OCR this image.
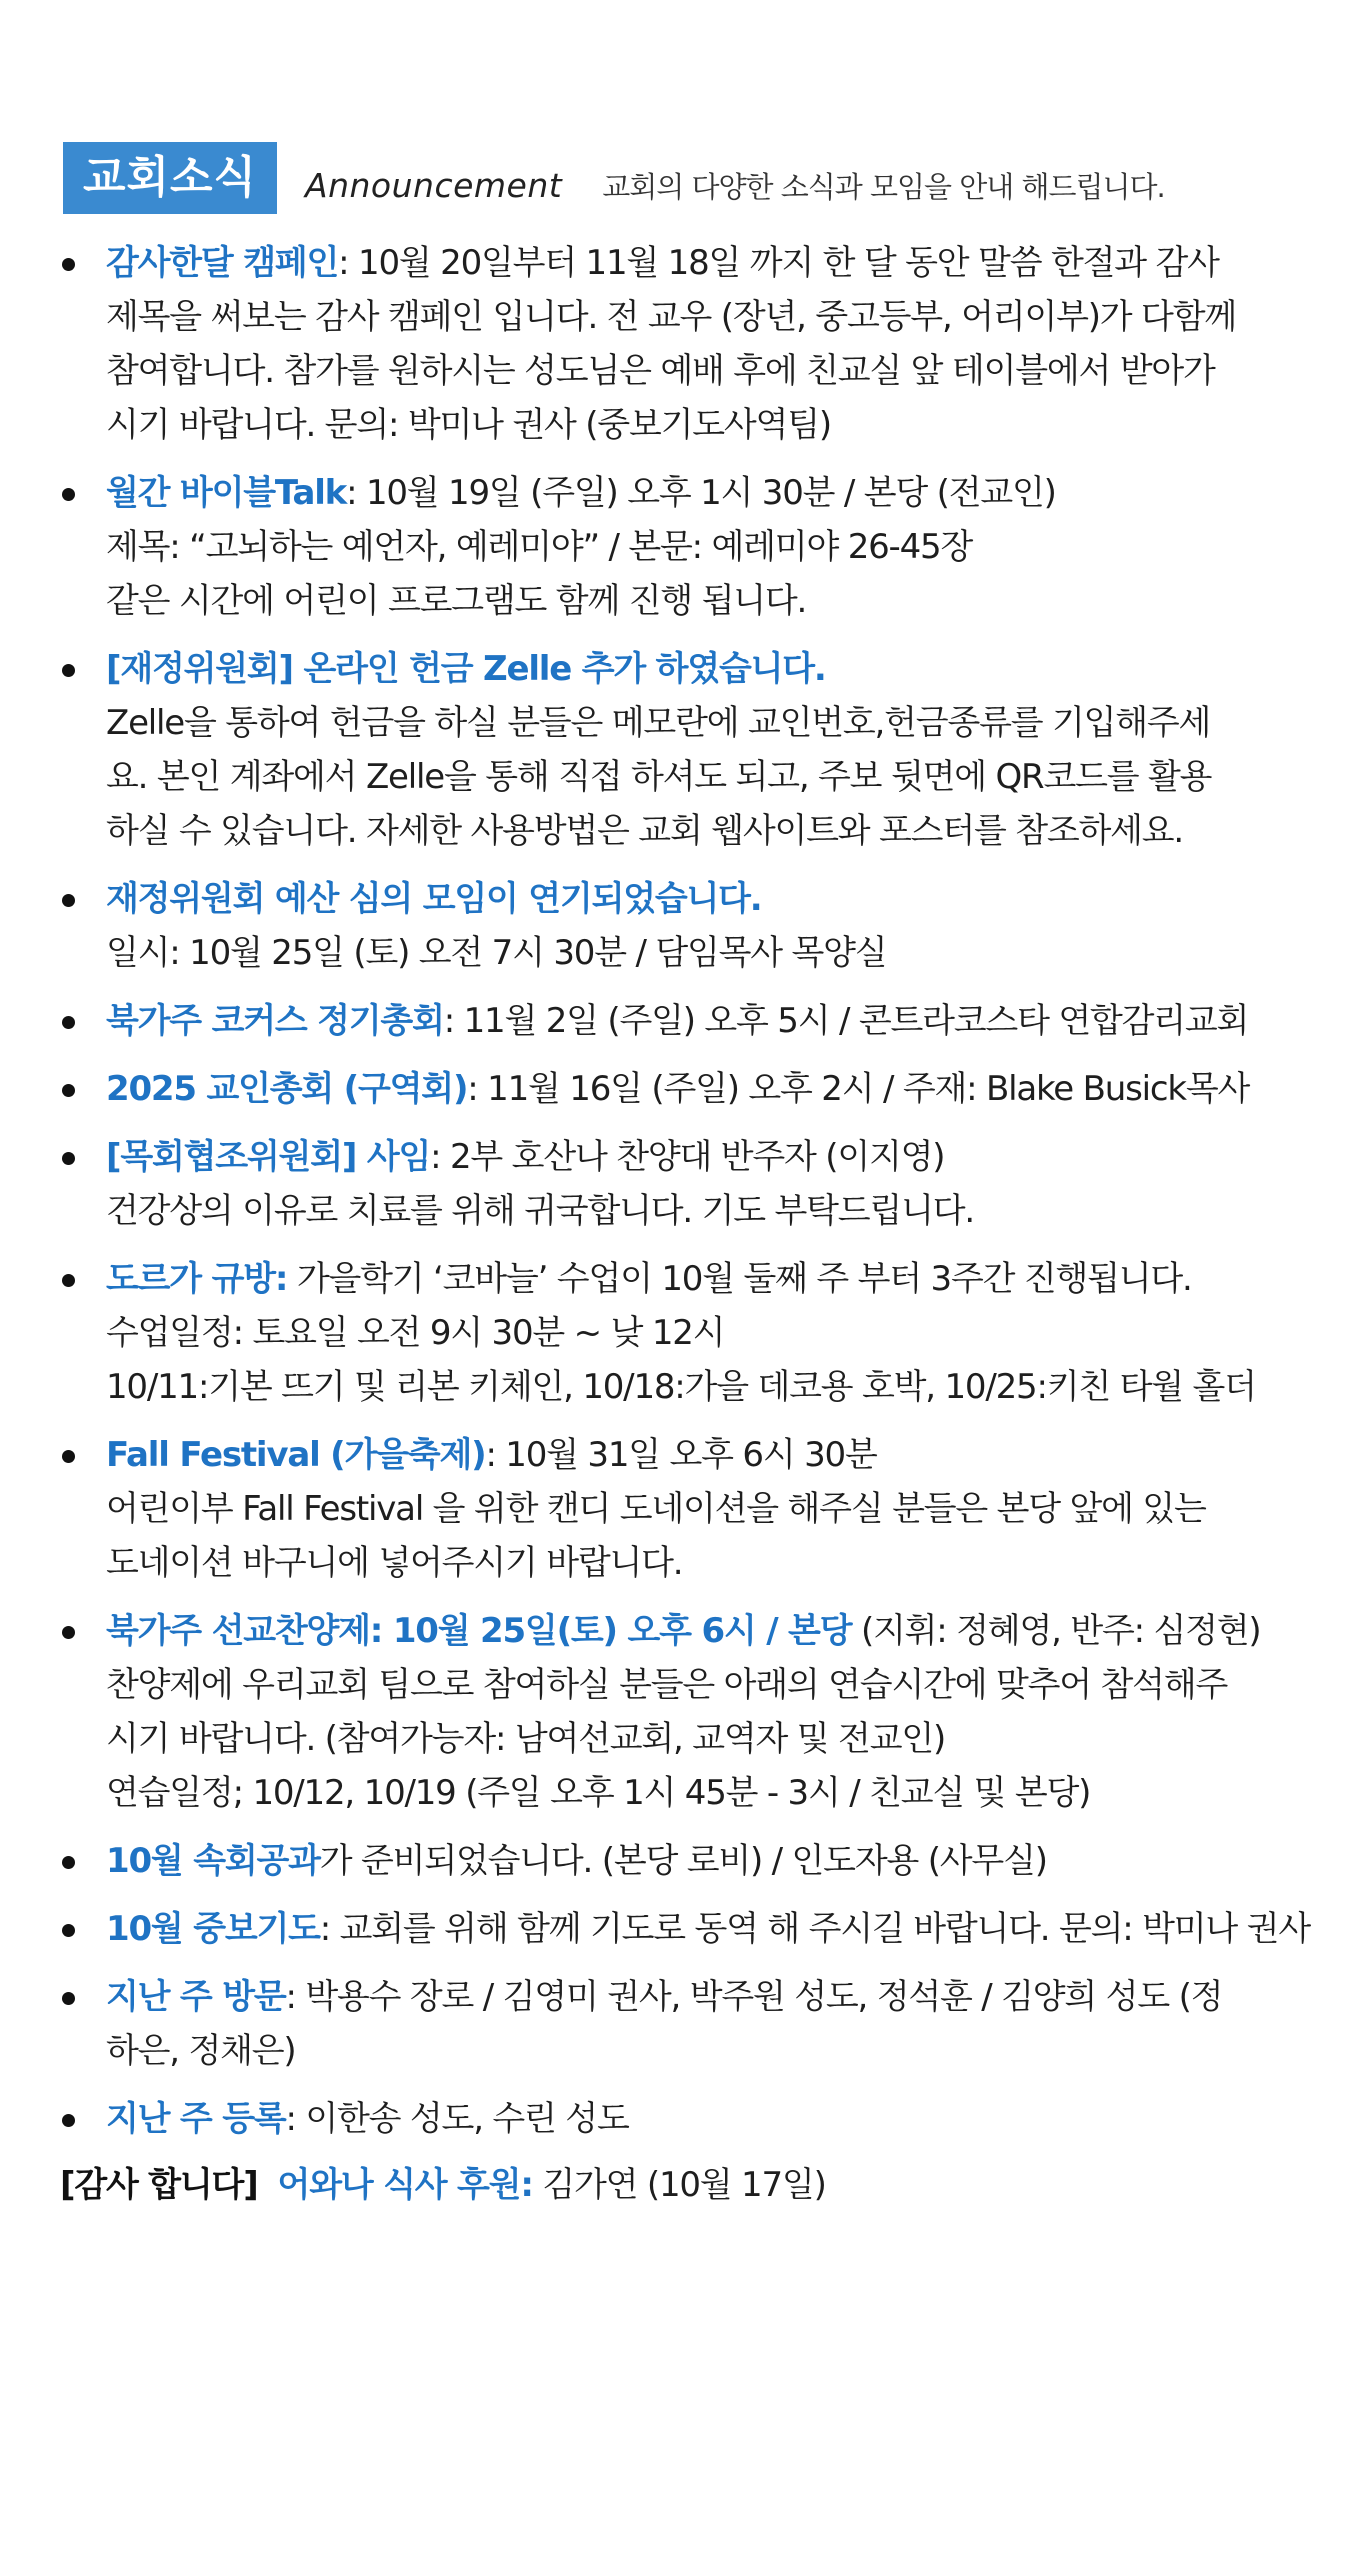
교회소식	Announcement 교회의 다양한 소식과 모임을 안내 해드립니다.
감사한달 캠페인: 10월 20일부터 11월 18일 까지 한 달 동안 말씀 한절과 감사
제목을 써보는 감사 캠페인 입니다. 전 교우 (장년, 중고등부, 어리이부)가 다함께
참여합니다. 참가를 원하시는 성도님은 예배 후에 친교실 앞 테이블에서 받아가
시기 바랍니다. 문의: 박미나 권사 (중보기도사역팀)
월간 바이블Talk: 10월 19일 (주일) 오후 1시 30분 / 본당 (전교인)
제목: “고뇌하는 예언자, 예레미야” / 본문: 예레미야 26-45장
같은 시간에 어린이 프로그램도 함께 진행 됩니다.
[재정위원회] 온라인 헌금 Zelle 추가 하였습니다.
Zelle을 통하여 헌금을 하실 분들은 메모란에 교인번호,헌금종류를 기입해주세
요. 본인 계좌에서 Zelle을 통해 직접 하셔도 되고, 주보 뒷면에 QR코드를 활용
하실 수 있습니다. 자세한 사용방법은 교회 웹사이트와 포스터를 참조하세요.
재정위원회 예산 심의 모임이 연기되었습니다.
일시: 10월 25일 (토) 오전 7시 30분 / 담임목사 목양실
북가주 코커스 정기총회: 11월 2일 (주일) 오후 5시 / 콘트라코스타 연합감리교회
2025 교인총회 (구역회): 11월 16일 (주일) 오후 2시 / 주재: Blake Busick목사
[목회협조위원회] 사임: 2부 호산나 찬양대 반주자 (이지영)
건강상의 이유로 치료를 위해 귀국합니다. 기도 부탁드립니다.
도르가 규방: 가을학기 ‘코바늘’ 수업이 10월 둘째 주 부터 3주간 진행됩니다.
수업일정: 토요일 오전 9시 30분 ~ 낮 12시
10/11:기본 뜨기 및 리본 키체인, 10/18:가을 데코용 호박, 10/25:키친 타월 홀더
Fall Festival (가을축제): 10월 31일 오후 6시 30분
어린이부 Fall Festival 을 위한 캔디 도네이션을 해주실 분들은 본당 앞에 있는
도네이션 바구니에 넣어주시기 바랍니다.
북가주 선교찬양제: 10월 25일(토) 오후 6시 / 본당 (지휘: 정혜영, 반주: 심정현)
찬양제에 우리교회 팀으로 참여하실 분들은 아래의 연습시간에 맞추어 참석해주
시기 바랍니다. (참여가능자: 남여선교회, 교역자 및 전교인)
연습일정; 10/12, 10/19 (주일 오후 1시 45분 - 3시 / 친교실 및 본당)
10월 속회공과가 준비되었습니다. (본당 로비) / 인도자용 (사무실)
10월 중보기도: 교회를 위해 함께 기도로 동역 해 주시길 바랍니다. 문의: 박미나 권사
지난 주 방문: 박용수 장로 / 김영미 권사, 박주원 성도, 정석훈 / 김양희 성도 (정
하은, 정채은)
지난 주 등록: 이한송 성도, 수린 성도
[감사 합니다] 어와나 식사 후원: 김가연 (10월 17일)
